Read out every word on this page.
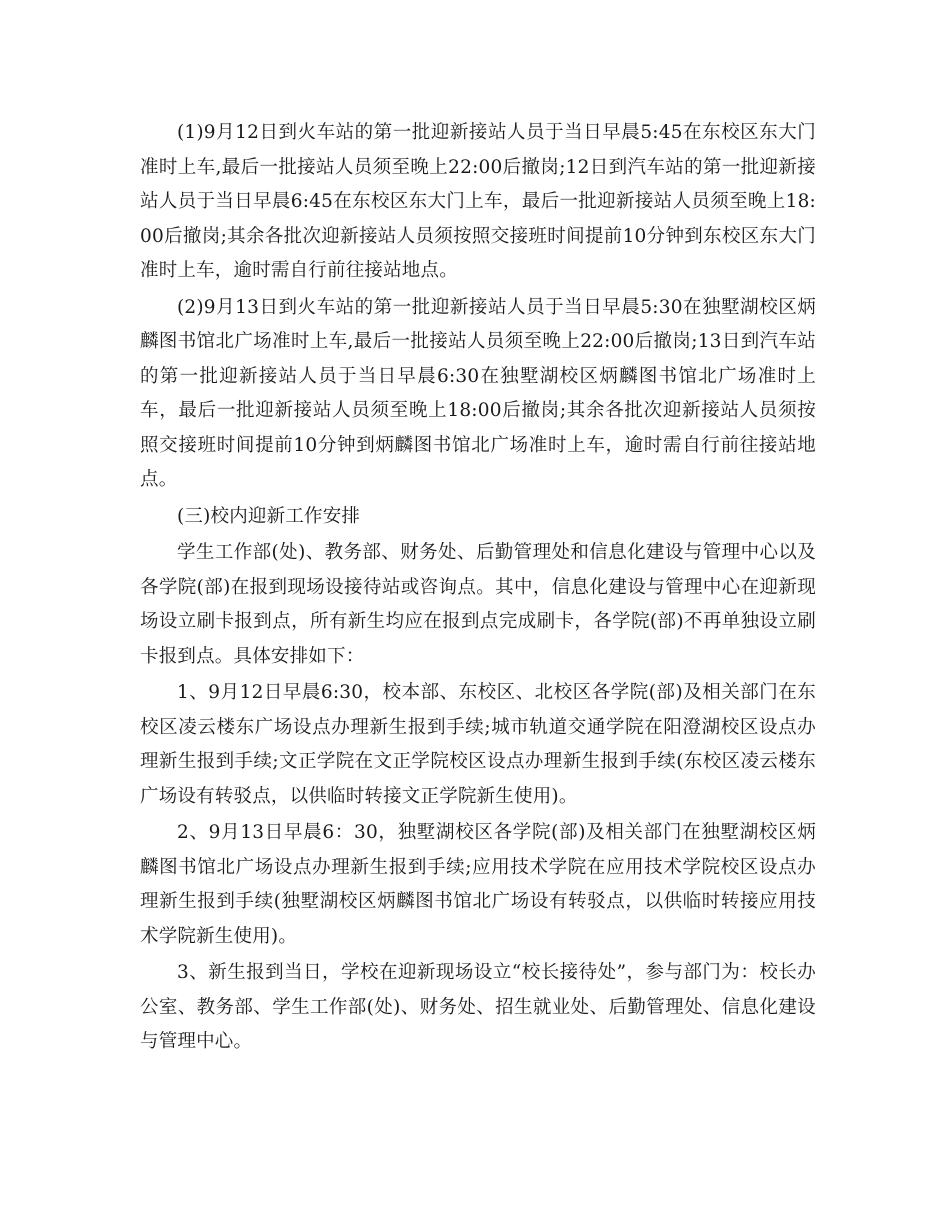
(1)9月12日到火车站的第一批迎新接站人员于当日早晨5:45在东校区东大门准时上车,最后一批接站人员须至晚上22:00后撤岗;12日到汽车站的第一批迎新接站人员于当日早晨6:45在东校区东大门上车，最后一批迎新接站人员须至晚上18:00后撤岗;其余各批次迎新接站人员须按照交接班时间提前10分钟到东校区东大门准时上车，逾时需自行前往接站地点。

(2)9月13日到火车站的第一批迎新接站人员于当日早晨5:30在独墅湖校区炳麟图书馆北广场准时上车,最后一批接站人员须至晚上22:00后撤岗;13日到汽车站的第一批迎新接站人员于当日早晨6:30在独墅湖校区炳麟图书馆北广场准时上车，最后一批迎新接站人员须至晚上18:00后撤岗;其余各批次迎新接站人员须按照交接班时间提前10分钟到炳麟图书馆北广场准时上车，逾时需自行前往接站地点。

(三)校内迎新工作安排

学生工作部(处)、教务部、财务处、后勤管理处和信息化建设与管理中心以及各学院(部)在报到现场设接待站或咨询点。其中，信息化建设与管理中心在迎新现场设立刷卡报到点，所有新生均应在报到点完成刷卡，各学院(部)不再单独设立刷卡报到点。具体安排如下：

1、9月12日早晨6:30，校本部、东校区、北校区各学院(部)及相关部门在东校区凌云楼东广场设点办理新生报到手续;城市轨道交通学院在阳澄湖校区设点办理新生报到手续;文正学院在文正学院校区设点办理新生报到手续(东校区凌云楼东广场设有转驳点，以供临时转接文正学院新生使用)。

2、9月13日早晨6：30，独墅湖校区各学院(部)及相关部门在独墅湖校区炳麟图书馆北广场设点办理新生报到手续;应用技术学院在应用技术学院校区设点办理新生报到手续(独墅湖校区炳麟图书馆北广场设有转驳点，以供临时转接应用技术学院新生使用)。

3、新生报到当日，学校在迎新现场设立“校长接待处”，参与部门为：校长办公室、教务部、学生工作部(处)、财务处、招生就业处、后勤管理处、信息化建设与管理中心。
